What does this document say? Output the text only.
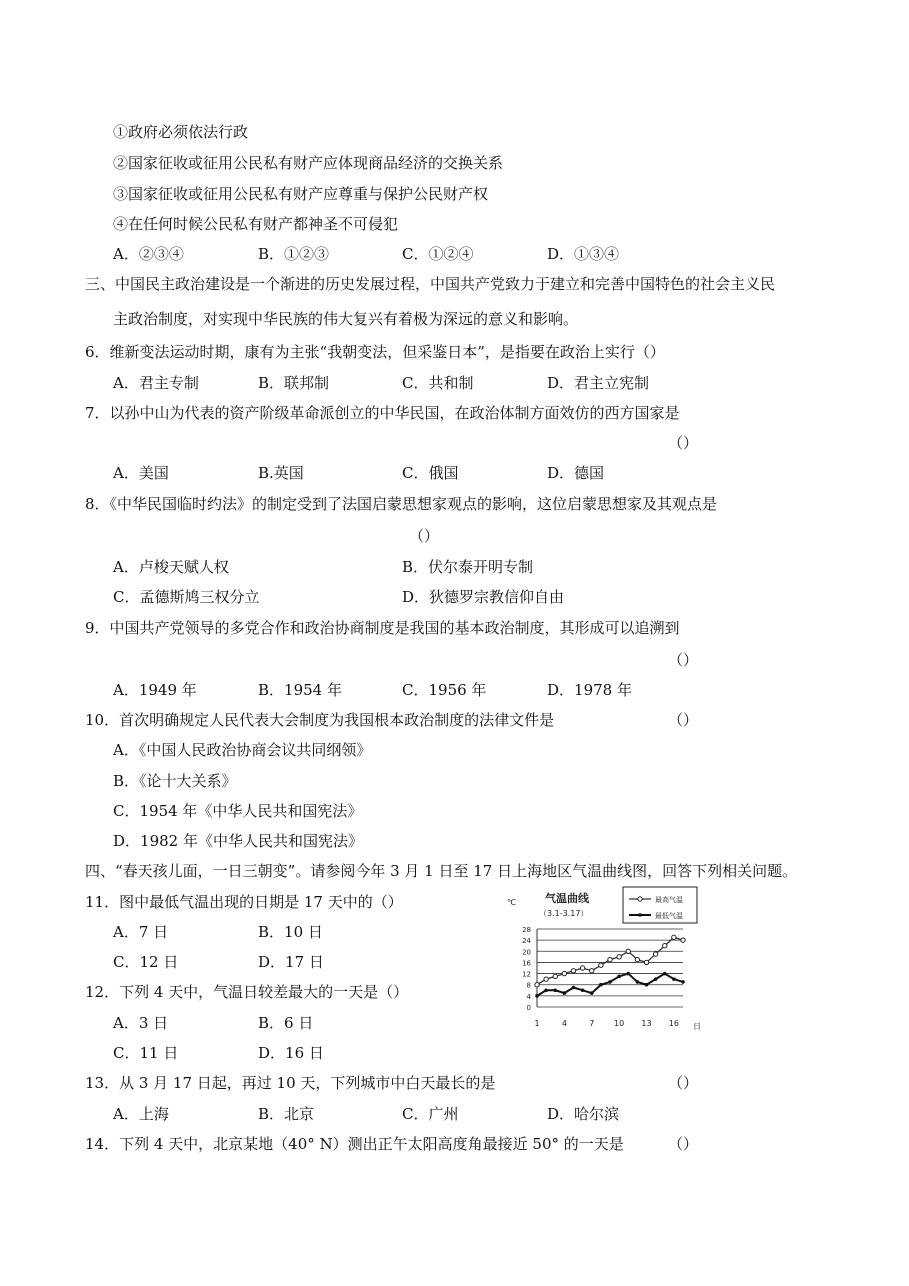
①政府必须依法行政
②国家征收或征用公民私有财产应体现商品经济的交换关系
③国家征收或征用公民私有财产应尊重与保护公民财产权
④在任何时候公民私有财产都神圣不可侵犯
A．②③④	B．①②③	C．①②④	D．①③④
三、中国民主政治建设是一个渐进的历史发展过程，中国共产党致力于建立和完善中国特色的社会主义民
主政治制度，对实现中华民族的伟大复兴有着极为深远的意义和影响。
6．维新变法运动时期，康有为主张“我朝变法，但采鉴日本”，是指要在政治上实行（）
A．君主专制	B．联邦制	C．共和制	D．君主立宪制
7．以孙中山为代表的资产阶级革命派创立的中华民国，在政治体制方面效仿的西方国家是
（）
A．美国	B.英国	C．俄国	D．德国
8．《中华民国临时约法》的制定受到了法国启蒙思想家观点的影响，这位启蒙思想家及其观点是
（）
A．卢梭天赋人权	B．伏尔泰开明专制
C．孟德斯鸠三权分立	D．狄德罗宗教信仰自由
9．中国共产党领导的多党合作和政治协商制度是我国的基本政治制度，其形成可以追溯到
（）
A．1949 年	B．1954 年	C．1956 年	D．1978 年
10．首次明确规定人民代表大会制度为我国根本政治制度的法律文件是	（）
A．《中国人民政治协商会议共同纲领》
B．《论十大关系》
C．1954 年《中华人民共和国宪法》
D．1982 年《中华人民共和国宪法》
四、“春天孩儿面，一日三朝变”。请参阅今年 3 月 1 日至 17 日上海地区气温曲线图，回答下列相关问题。
11．图中最低气温出现的日期是 17 天中的（）
A．7 日	B．10 日
C．12 日	D．17 日
12．下列 4 天中，气温日较差最大的一天是（）
A．3 日	B．6 日
C．11 日	D．16 日
13．从 3 月 17 日起，再过 10 天，下列城市中白天最长的是	（）
A．上海	B．北京	C．广州	D．哈尔滨
14．下列 4 天中，北京某地（40° N）测出正午太阳高度角最接近 50° 的一天是	（）
气温曲线
（3.1-3.17）
℃
日
最高气温
最低气温
28
24
20
16
12
8
4
0
1	4	7 10 13 16
